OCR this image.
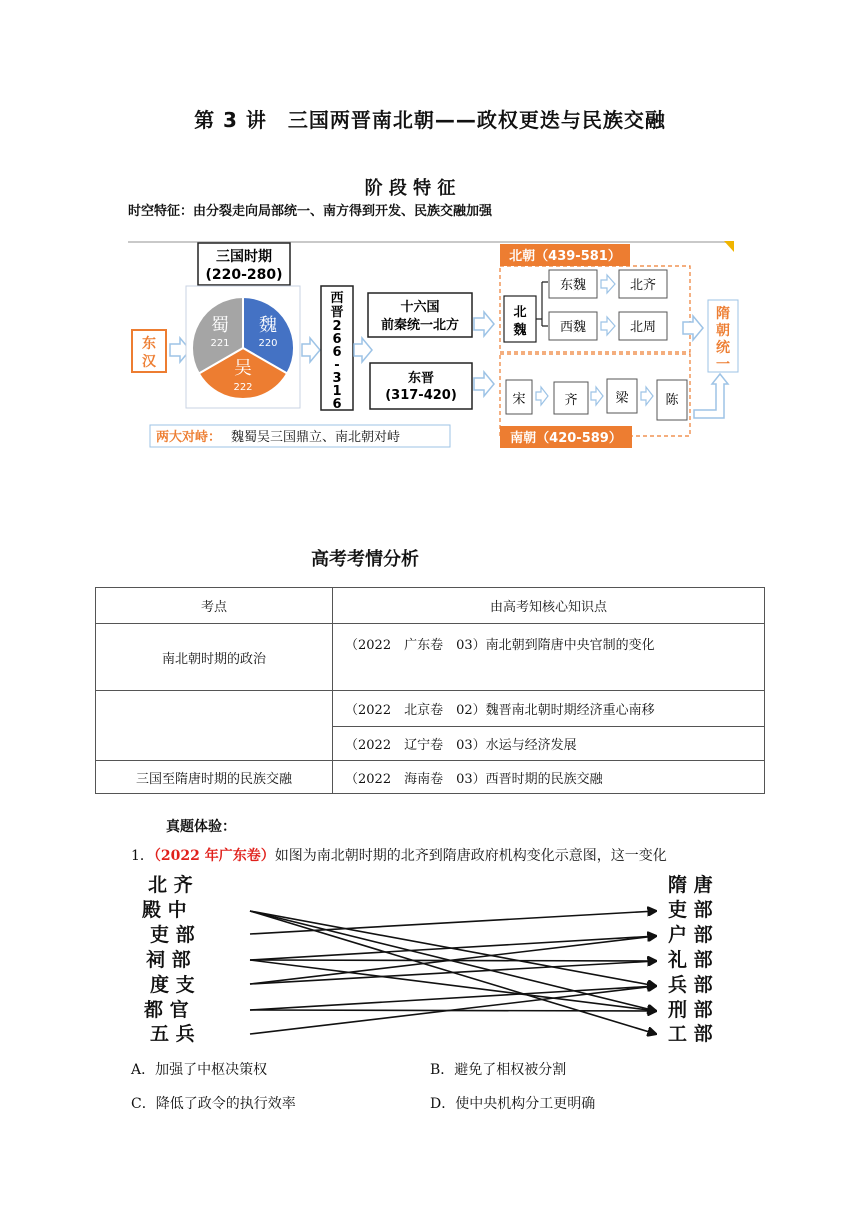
第 3 讲　三国两晋南北朝——政权更迭与民族交融
阶 段 特 征
时空特征：由分裂走向局部统一、南方得到开发、民族交融加强
东
汉
三国时期
(220-280)
魏
220
蜀
221
吴
222
西
晋
2
6
6
-
3
1
6
十六国
前秦统一北方
东晋
(317-420)
北朝（439-581）
北
魏
东魏	北齐
西魏	北周
宋	齐	梁	陈
南朝（420-589）
隋
朝
统
一
两大对峙： 魏蜀吴三国鼎立、南北朝对峙
高考考情分析
考点	由高考知核心知识点
南北朝时期的政治	（2022　广东卷　03）南北朝到隋唐中央官制的变化
	（2022　北京卷　02）魏晋南北朝时期经济重心南移
	（2022　辽宁卷　03）水运与经济发展
三国至隋唐时期的民族交融	（2022　海南卷　03）西晋时期的民族交融
真题体验：
1．（2022 年广东卷）如图为南北朝时期的北齐到隋唐政府机构变化示意图，这一变化
北 齐
殿 中
吏 部
祠 部
度 支
都 官
五 兵
隋 唐
吏 部
户 部
礼 部
兵 部
刑 部
工 部
A．加强了中枢决策权	B．避免了相权被分割
C．降低了政令的执行效率	D．使中央机构分工更明确
